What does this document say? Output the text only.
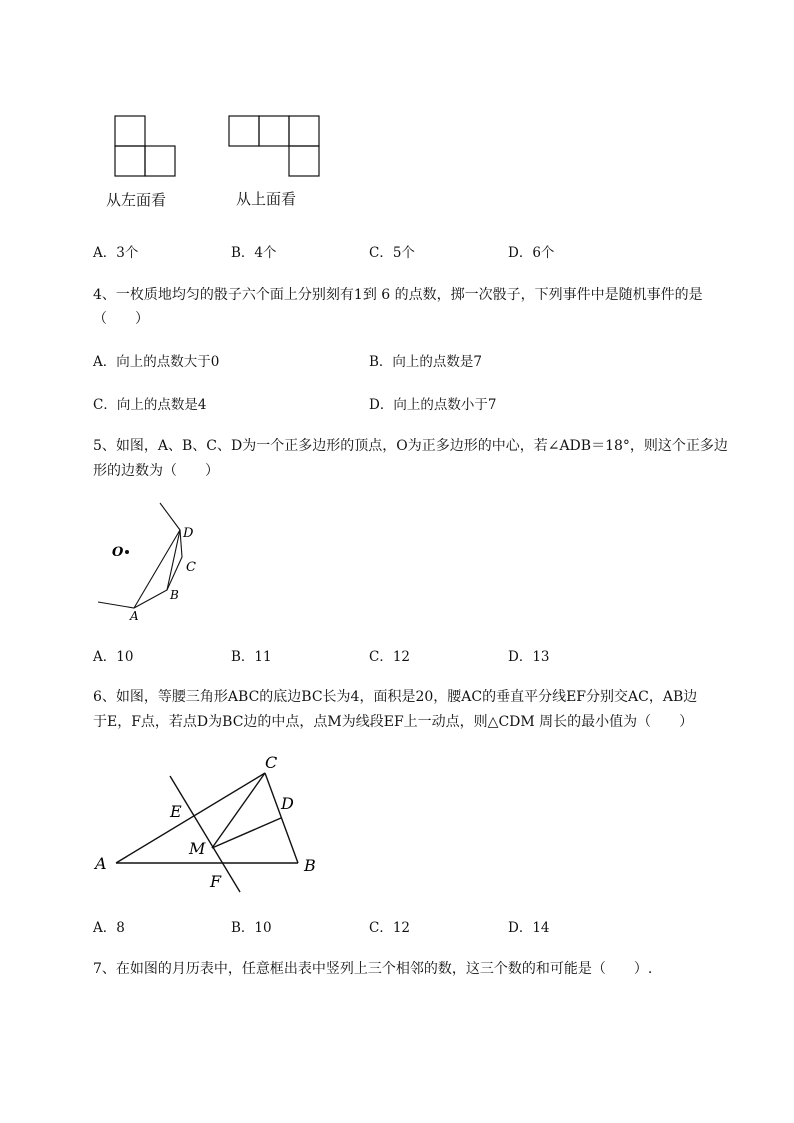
从左面看	从上面看
A．3个	B．4个	C．5个	D．6个
4、一枚质地均匀的骰子六个面上分别刻有1到 6 的点数，掷一次骰子，下列事件中是随机事件的是
（　　）
A．向上的点数大于0	B．向上的点数是7
C．向上的点数是4	D．向上的点数小于7
5、如图，A、B、C、D为一个正多边形的顶点，O为正多边形的中心，若∠ADB＝18°，则这个正多边
形的边数为（　　）
O
A
B
C
D
A．10	B．11	C．12	D．13
6、如图，等腰三角形ABC的底边BC长为4，面积是20，腰AC的垂直平分线EF分别交AC，AB边
于E，F点，若点D为BC边的中点，点M为线段EF上一动点，则△CDM 周长的最小值为（　　）
A	B
C
D
E
F
M
A．8	B．10	C．12	D．14
7、在如图的月历表中，任意框出表中竖列上三个相邻的数，这三个数的和可能是（　　）.
